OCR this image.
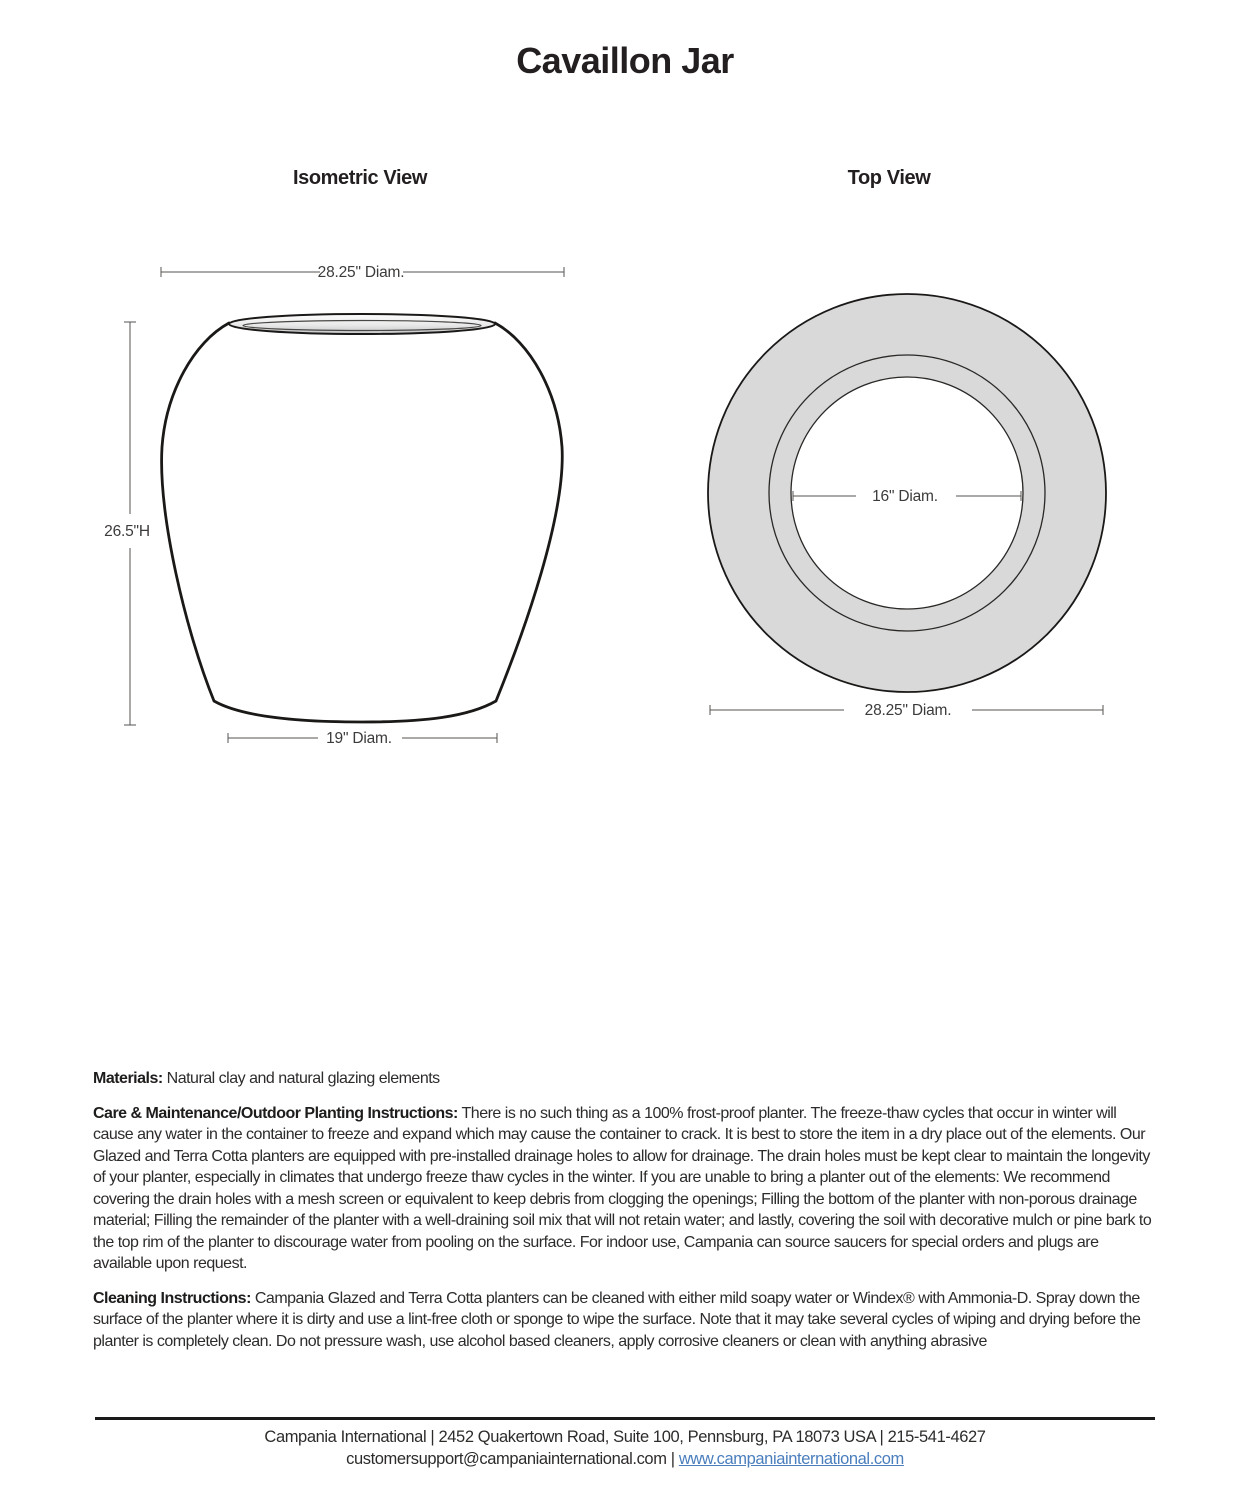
Cavaillon Jar
Isometric View	Top View
28.25" Diam.
26.5"H
19" Diam.
16" Diam.
28.25" Diam.

Materials: Natural clay and natural glazing elements

Care & Maintenance/Outdoor Planting Instructions: There is no such thing as a 100% frost-proof planter. The freeze-thaw cycles that occur in winter will cause any water in the container to freeze and expand which may cause the container to crack. It is best to store the item in a dry place out of the elements. Our Glazed and Terra Cotta planters are equipped with pre-installed drainage holes to allow for drainage. The drain holes must be kept clear to maintain the longevity of your planter, especially in climates that undergo freeze thaw cycles in the winter. If you are unable to bring a planter out of the elements: We recommend covering the drain holes with a mesh screen or equivalent to keep debris from clogging the openings; Filling the bottom of the planter with non-porous drainage material; Filling the remainder of the planter with a well-draining soil mix that will not retain water; and lastly, covering the soil with decorative mulch or pine bark to the top rim of the planter to discourage water from pooling on the surface. For indoor use, Campania can source saucers for special orders and plugs are available upon request.

Cleaning Instructions: Campania Glazed and Terra Cotta planters can be cleaned with either mild soapy water or Windex® with Ammonia-D. Spray down the surface of the planter where it is dirty and use a lint-free cloth or sponge to wipe the surface. Note that it may take several cycles of wiping and drying before the planter is completely clean. Do not pressure wash, use alcohol based cleaners, apply corrosive cleaners or clean with anything abrasive

Campania International | 2452 Quakertown Road, Suite 100, Pennsburg, PA 18073 USA | 215-541-4627
customersupport@campaniainternational.com | www.campaniainternational.com
